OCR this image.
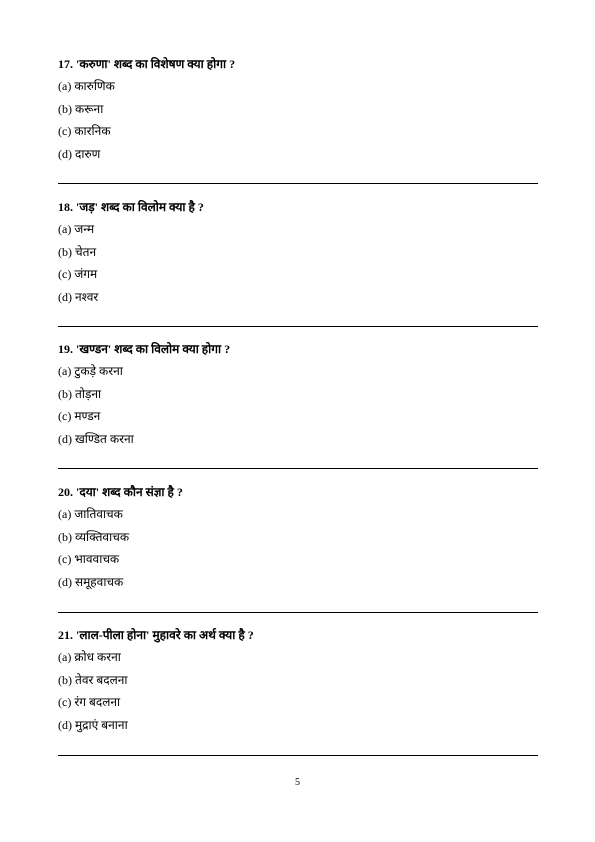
17. 'करुणा' शब्द का विशेषण क्या होगा ?

(a) कारुणिक
(b) करूना
(c) कारनिक
(d) दारुण

18. 'जड़' शब्द का विलोम क्या है ?

(a) जन्म
(b) चेतन
(c) जंगम
(d) नश्वर

19. 'खण्डन' शब्द का विलोम क्या होगा ?

(a) टुकड़े करना
(b) तोड़ना
(c) मण्डन
(d) खण्डित करना

20. 'दया' शब्द कौन संज्ञा है ?

(a) जातिवाचक
(b) व्यक्तिवाचक
(c) भाववाचक
(d) समूहवाचक

21. 'लाल-पीला होना' मुहावरे का अर्थ क्या है ?

(a) क्रोध करना
(b) तेवर बदलना
(c) रंग बदलना
(d) मुद्राएं बनाना
5
